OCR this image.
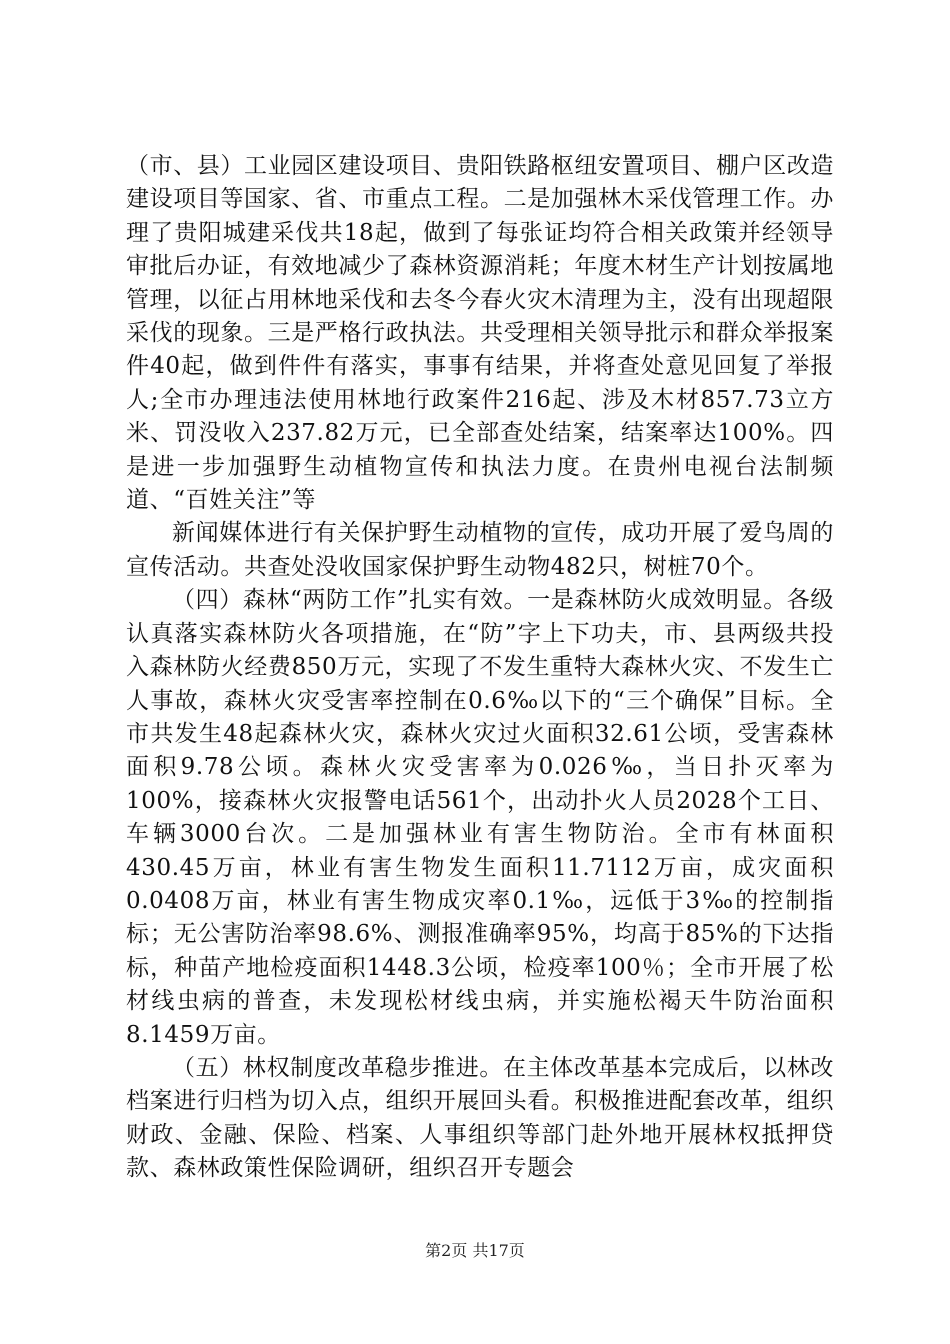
（市、县）工业园区建设项目、贵阳铁路枢纽安置项目、棚户区改造建设项目等国家、省、市重点工程。二是加强林木采伐管理工作。办理了贵阳城建采伐共18起，做到了每张证均符合相关政策并经领导审批后办证，有效地减少了森林资源消耗；年度木材生产计划按属地管理，以征占用林地采伐和去冬今春火灾木清理为主，没有出现超限采伐的现象。三是严格行政执法。共受理相关领导批示和群众举报案件40起，做到件件有落实，事事有结果，并将查处意见回复了举报人;全市办理违法使用林地行政案件216起、涉及木材857.73立方米、罚没收入237.82万元，已全部查处结案，结案率达100%。四是进一步加强野生动植物宣传和执法力度。在贵州电视台法制频道、“百姓关注”等

新闻媒体进行有关保护野生动植物的宣传，成功开展了爱鸟周的宣传活动。共查处没收国家保护野生动物482只，树桩70个。

（四）森林“两防工作”扎实有效。一是森林防火成效明显。各级认真落实森林防火各项措施，在“防”字上下功夫，市、县两级共投入森林防火经费850万元，实现了不发生重特大森林火灾、不发生亡人事故，森林火灾受害率控制在0.6‰以下的“三个确保”目标。全市共发生48起森林火灾，森林火灾过火面积32.61公顷，受害森林面积9.78公顷。森林火灾受害率为0.026‰，当日扑灭率为100%，接森林火灾报警电话561个，出动扑火人员2028个工日、车辆3000台次。二是加强林业有害生物防治。全市有林面积430.45万亩，林业有害生物发生面积11.7112万亩，成灾面积0.0408万亩，林业有害生物成灾率0.1‰，远低于3‰的控制指标；无公害防治率98.6%、测报准确率95%，均高于85%的下达指标，种苗产地检疫面积1448.3公顷，检疫率100％；全市开展了松材线虫病的普查，未发现松材线虫病，并实施松褐天牛防治面积8.1459万亩。

（五）林权制度改革稳步推进。在主体改革基本完成后，以林改档案进行归档为切入点，组织开展回头看。积极推进配套改革，组织财政、金融、保险、档案、人事组织等部门赴外地开展林权抵押贷款、森林政策性保险调研，组织召开专题会

第2页 共17页
